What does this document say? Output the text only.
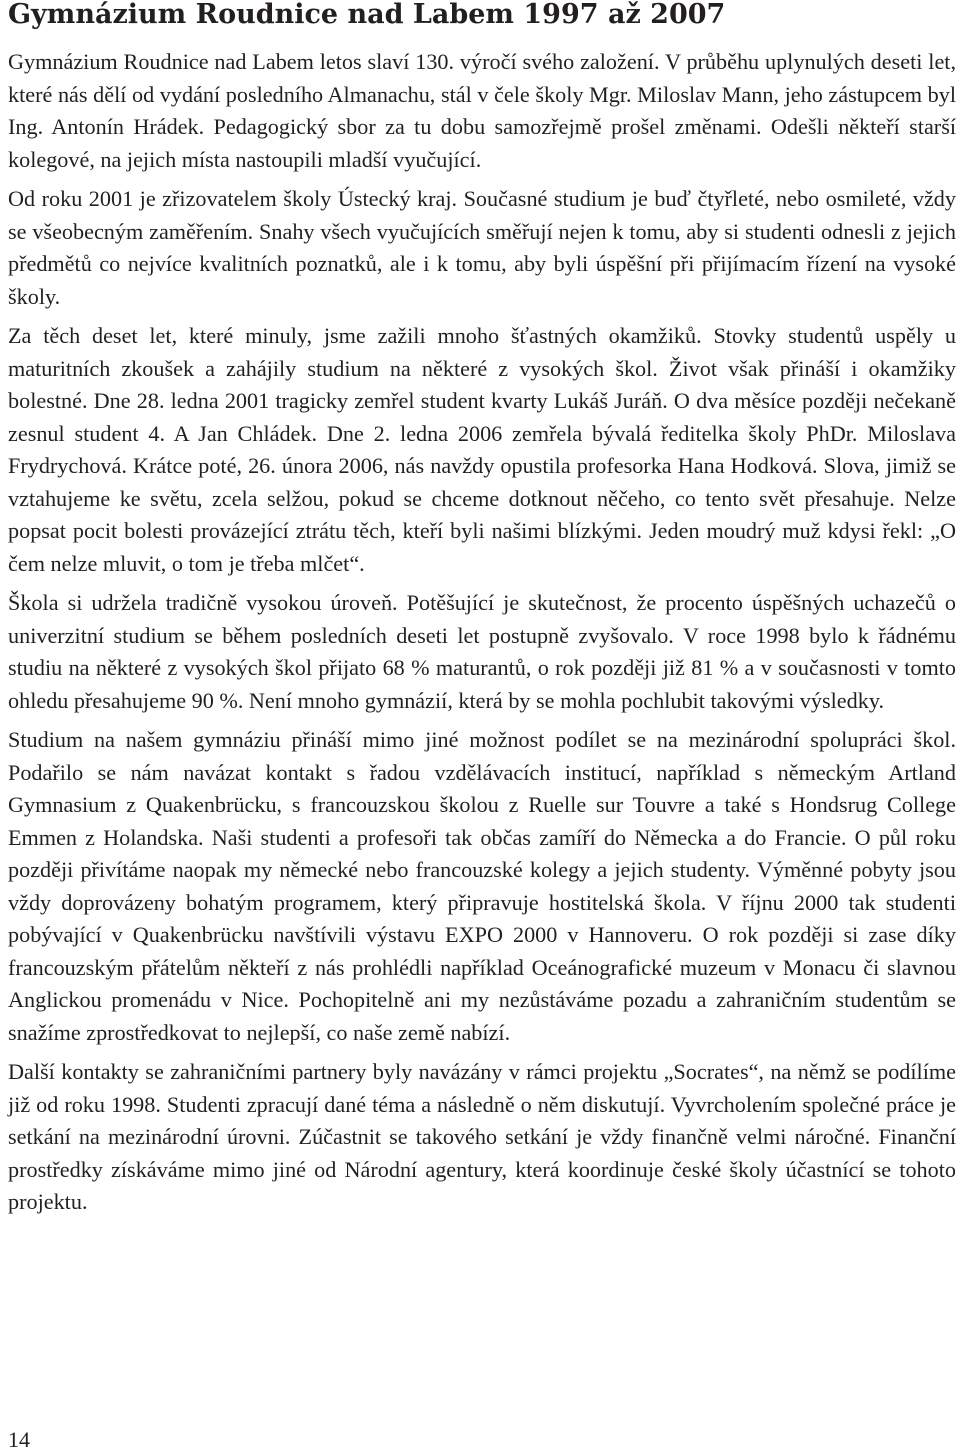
Gymnázium Roudnice nad Labem 1997 až 2007

Gymnázium Roudnice nad Labem letos slaví 130. výročí svého založení. V průběhu uplynulých deseti let, které nás dělí od vydání posledního Almanachu, stál v čele školy Mgr. Miloslav Mann, jeho zástupcem byl Ing. Antonín Hrádek. Pedagogický sbor za tu dobu samozřejmě prošel změnami. Odešli někteří starší kolegové, na jejich místa nastoupili mladší vyučující.

Od roku 2001 je zřizovatelem školy Ústecký kraj. Současné studium je buď čtyřleté, nebo osmileté, vždy se všeobecným zaměřením. Snahy všech vyučujících směřují nejen k tomu, aby si studenti odnesli z jejich předmětů co nejvíce kvalitních poznatků, ale i k tomu, aby byli úspěšní při přijímacím řízení na vysoké školy.

Za těch deset let, které minuly, jsme zažili mnoho šťastných okamžiků. Stovky studentů uspěly u maturitních zkoušek a zahájily studium na některé z vysokých škol. Život však přináší i okamžiky bolestné. Dne 28. ledna 2001 tragicky zemřel student kvarty Lukáš Juráň. O dva měsíce později nečekaně zesnul student 4. A Jan Chládek. Dne 2. ledna 2006 zemřela bývalá ředitelka školy PhDr. Miloslava Frydrychová. Krátce poté, 26. února 2006, nás navždy opustila profesorka Hana Hodková. Slova, jimiž se vztahujeme ke světu, zcela selžou, pokud se chceme dotknout něčeho, co tento svět přesahuje. Nelze popsat pocit bolesti provázející ztrátu těch, kteří byli našimi blízkými. Jeden moudrý muž kdysi řekl: „O čem nelze mluvit, o tom je třeba mlčet“.

Škola si udržela tradičně vysokou úroveň. Potěšující je skutečnost, že procento úspěšných uchazečů o univerzitní studium se během posledních deseti let postupně zvyšovalo. V roce 1998 bylo k řádnému studiu na některé z vysokých škol přijato 68 % maturantů, o rok později již 81 % a v současnosti v tomto ohledu přesahujeme 90 %. Není mnoho gymnázií, která by se mohla pochlubit takovými výsledky.

Studium na našem gymnáziu přináší mimo jiné možnost podílet se na mezinárodní spolupráci škol. Podařilo se nám navázat kontakt s řadou vzdělávacích institucí, například s německým Artland Gymnasium z Quakenbrücku, s francouzskou školou z Ruelle sur Touvre a také s Hondsrug College Emmen z Holandska. Naši studenti a profesoři tak občas zamíří do Německa a do Francie. O půl roku později přivítáme naopak my německé nebo francouzské kolegy a jejich studenty. Výměnné pobyty jsou vždy doprovázeny bohatým programem, který připravuje hostitelská škola. V říjnu 2000 tak studenti pobývající v Quakenbrücku navštívili výstavu EXPO 2000 v Hannoveru. O rok později si zase díky francouzským přátelům někteří z nás prohlédli například Oceánografické muzeum v Monacu či slavnou Anglickou promenádu v Nice. Pochopitelně ani my nezůstáváme pozadu a zahraničním studentům se snažíme zprostředkovat to nejlepší, co naše země nabízí.

Další kontakty se zahraničními partnery byly navázány v rámci projektu „Socrates“, na němž se podílíme již od roku 1998. Studenti zpracují dané téma a následně o něm diskutují. Vyvrcholením společné práce je setkání na mezinárodní úrovni. Zúčastnit se takového setkání je vždy finančně velmi náročné. Finanční prostředky získáváme mimo jiné od Národní agentury, která koordinuje české školy účastnící se tohoto projektu.

14
